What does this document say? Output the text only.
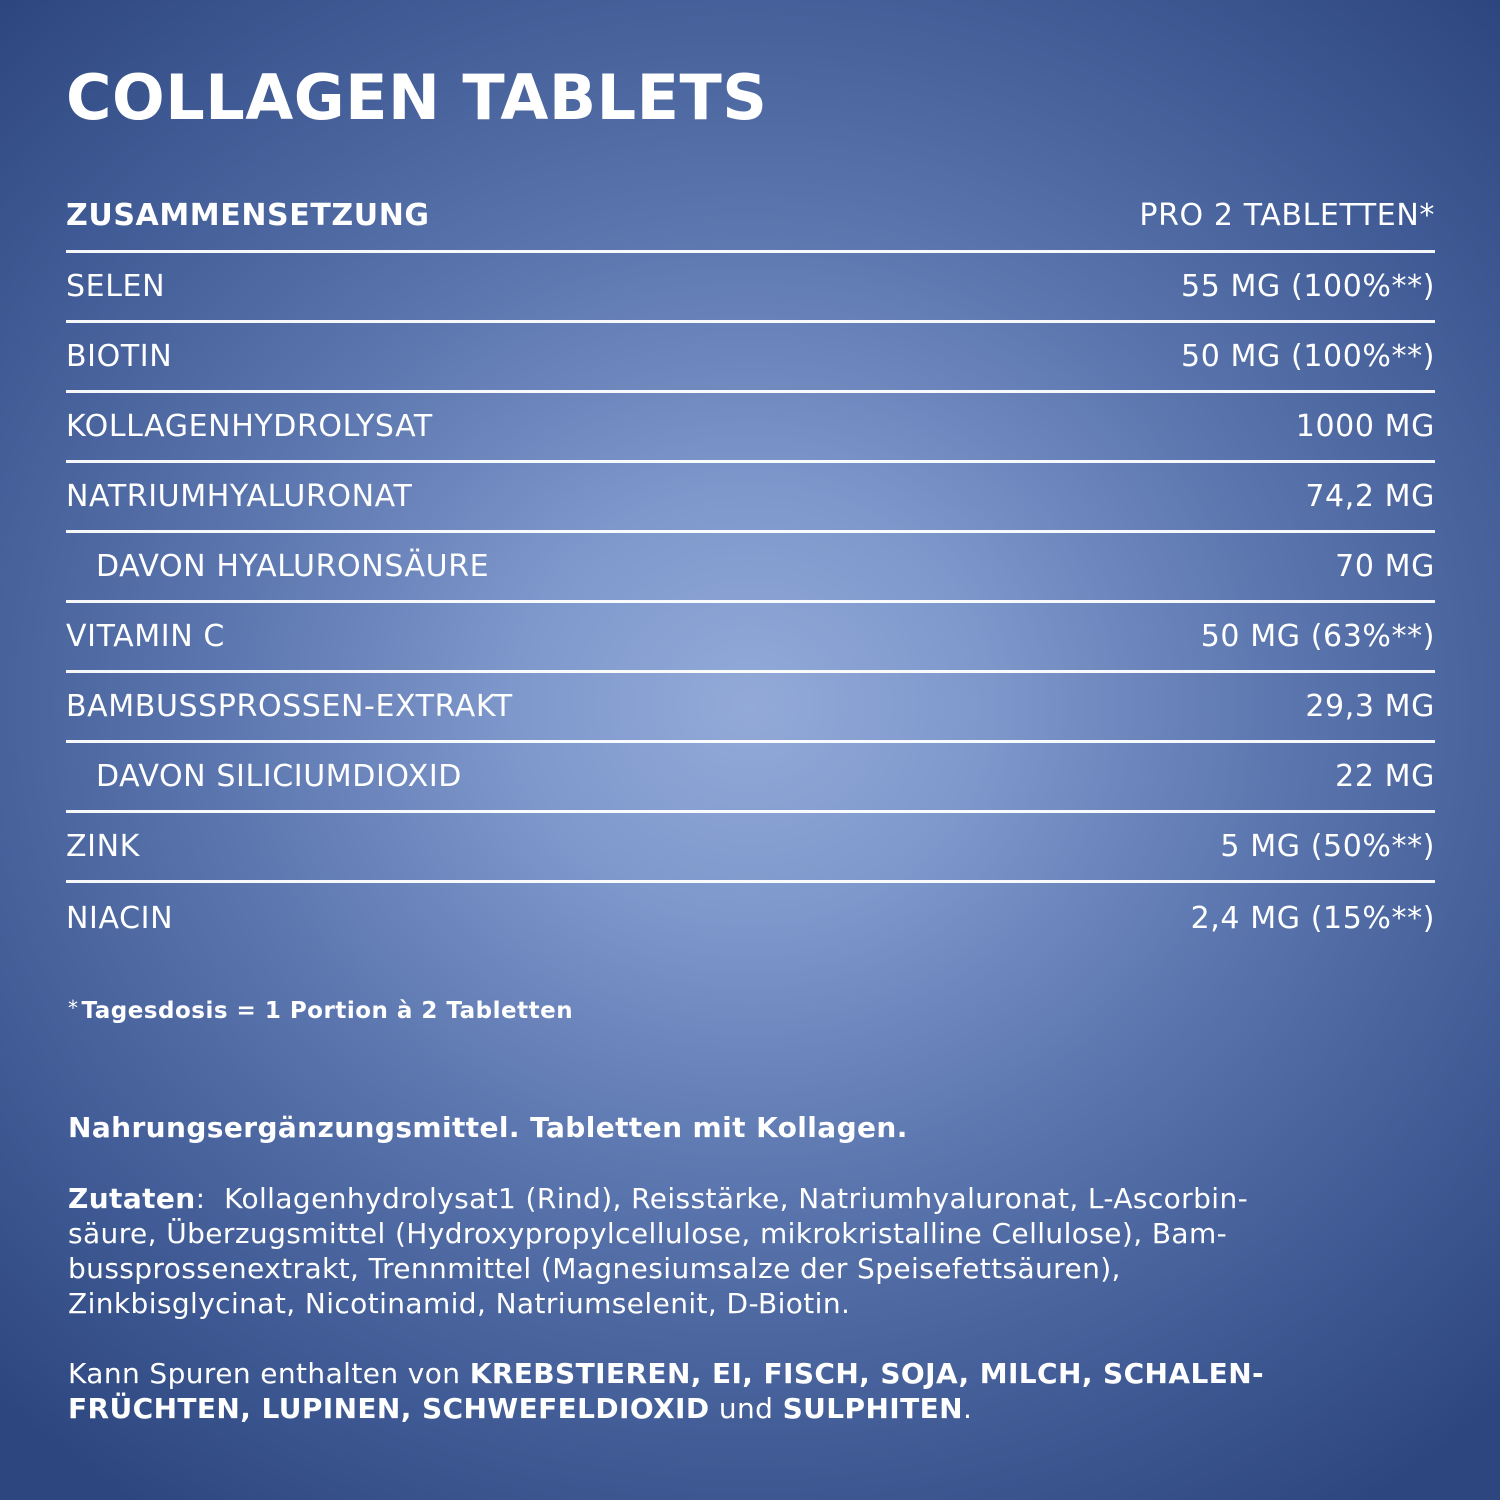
COLLAGEN TABLETS
ZUSAMMENSETZUNG	PRO 2 TABLETTEN*
SELEN	55 MG (100%**)
BIOTIN	50 MG (100%**)
KOLLAGENHYDROLYSAT	1000 MG
NATRIUMHYALURONAT	74,2 MG
DAVON HYALURONSÄURE	70 MG
VITAMIN C	50 MG (63%**)
BAMBUSSPROSSEN-EXTRAKT	29,3 MG
DAVON SILICIUMDIOXID	22 MG
ZINK	5 MG (50%**)
NIACIN	2,4 MG (15%**)
* Tagesdosis = 1 Portion à 2 Tabletten
Nahrungsergänzungsmittel. Tabletten mit Kollagen.
Zutaten: Kollagenhydrolysat1 (Rind), Reisstärke, Natriumhyaluronat, L-Ascorbin-
säure, Überzugsmittel (Hydroxypropylcellulose, mikrokristalline Cellulose), Bam-
bussprossenextrakt, Trennmittel (Magnesiumsalze der Speisefettsäuren),
Zinkbisglycinat, Nicotinamid, Natriumselenit, D-Biotin.
Kann Spuren enthalten von KREBSTIEREN, EI, FISCH, SOJA, MILCH, SCHALEN-
FRÜCHTEN, LUPINEN, SCHWEFELDIOXID und SULPHITEN.
